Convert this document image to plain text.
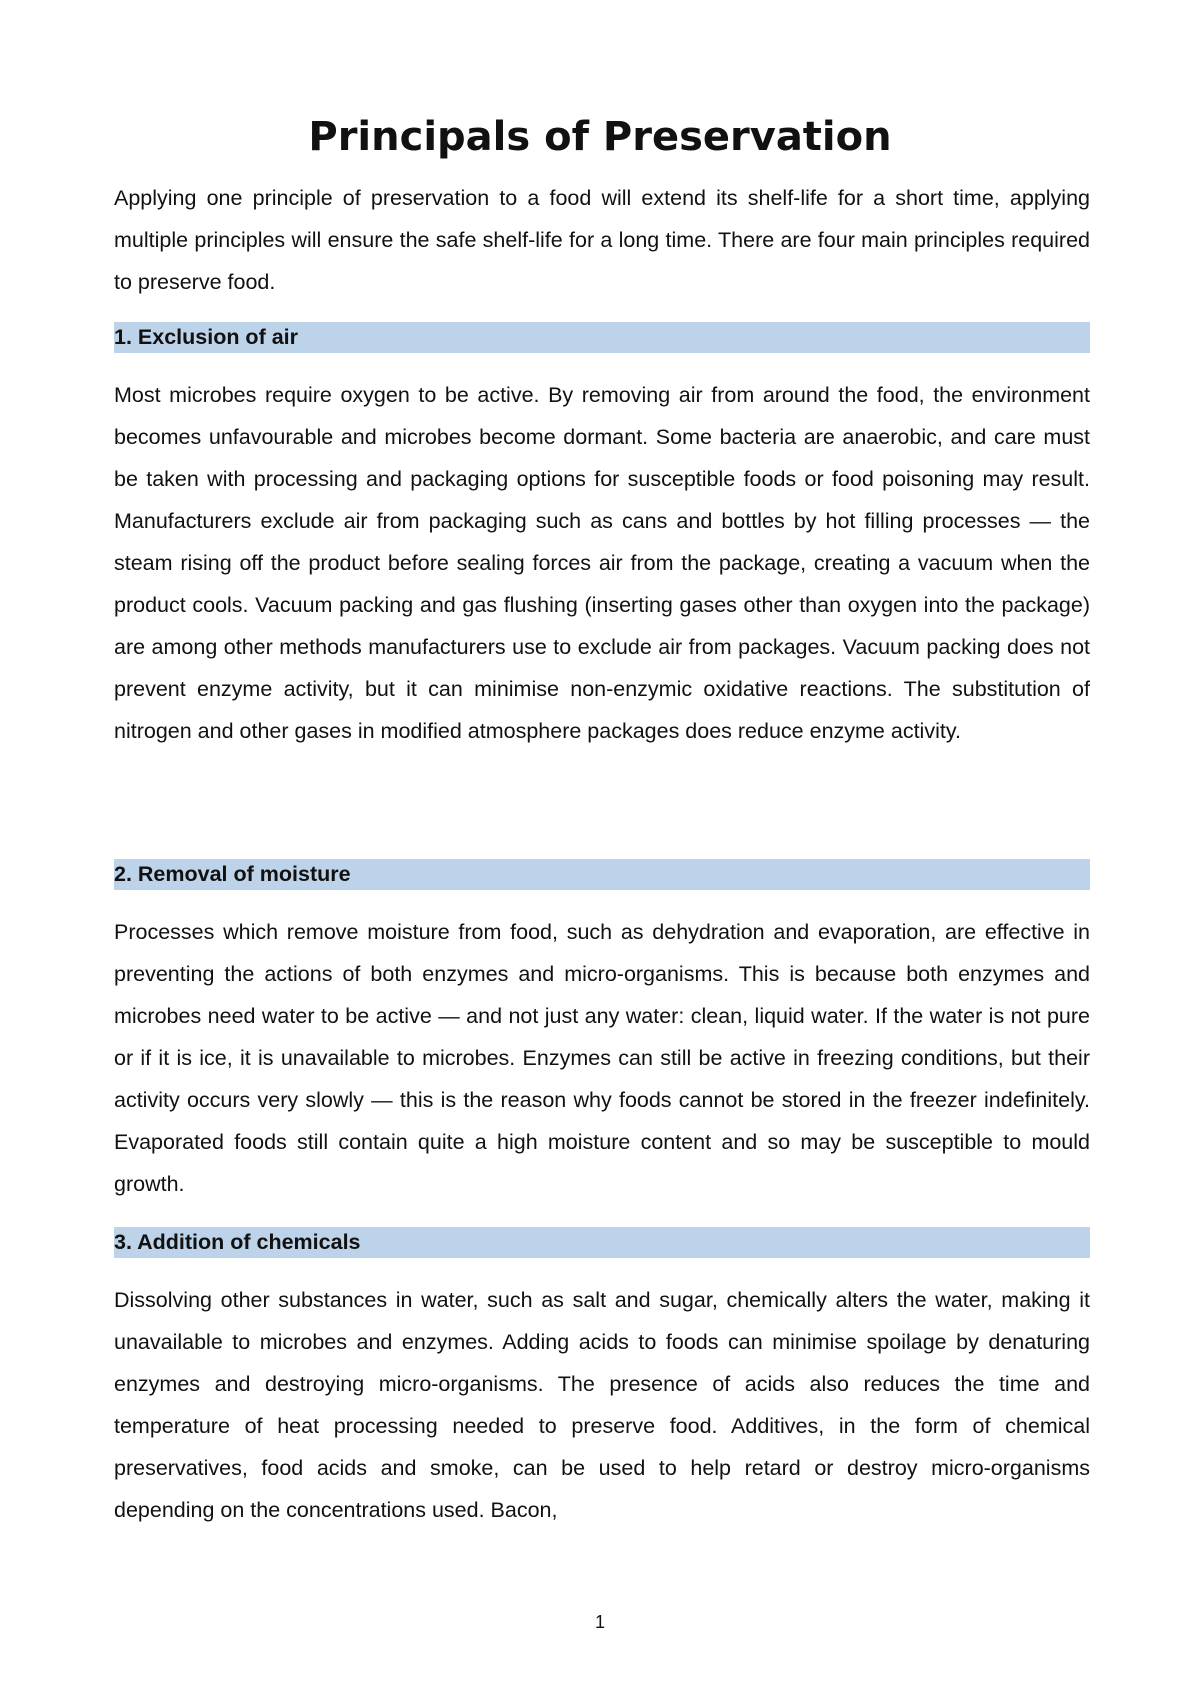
Principals of Preservation

Applying one principle of preservation to a food will extend its shelf-life for a short time, applying multiple principles will ensure the safe shelf-life for a long time. There are four main principles required to preserve food.

1. Exclusion of air

Most microbes require oxygen to be active. By removing air from around the food, the environment becomes unfavourable and microbes become dormant. Some bacteria are anaerobic, and care must be taken with processing and packaging options for susceptible foods or food poisoning may result. Manufacturers exclude air from packaging such as cans and bottles by hot filling processes — the steam rising off the product before sealing forces air from the package, creating a vacuum when the product cools. Vacuum packing and gas flushing (inserting gases other than oxygen into the package) are among other methods manufacturers use to exclude air from packages. Vacuum packing does not prevent enzyme activity, but it can minimise non-enzymic oxidative reactions. The substitution of nitrogen and other gases in modified atmosphere packages does reduce enzyme activity.

2. Removal of moisture

Processes which remove moisture from food, such as dehydration and evaporation, are effective in preventing the actions of both enzymes and micro-organisms. This is because both enzymes and microbes need water to be active — and not just any water: clean, liquid water. If the water is not pure or if it is ice, it is unavailable to microbes. Enzymes can still be active in freezing conditions, but their activity occurs very slowly — this is the reason why foods cannot be stored in the freezer indefinitely. Evaporated foods still contain quite a high moisture content and so may be susceptible to mould growth.

3. Addition of chemicals

Dissolving other substances in water, such as salt and sugar, chemically alters the water, making it unavailable to microbes and enzymes. Adding acids to foods can minimise spoilage by denaturing enzymes and destroying micro-organisms. The presence of acids also reduces the time and temperature of heat processing needed to preserve food. Additives, in the form of chemical preservatives, food acids and smoke, can be used to help retard or destroy micro-organisms depending on the concentrations used. Bacon,

1
